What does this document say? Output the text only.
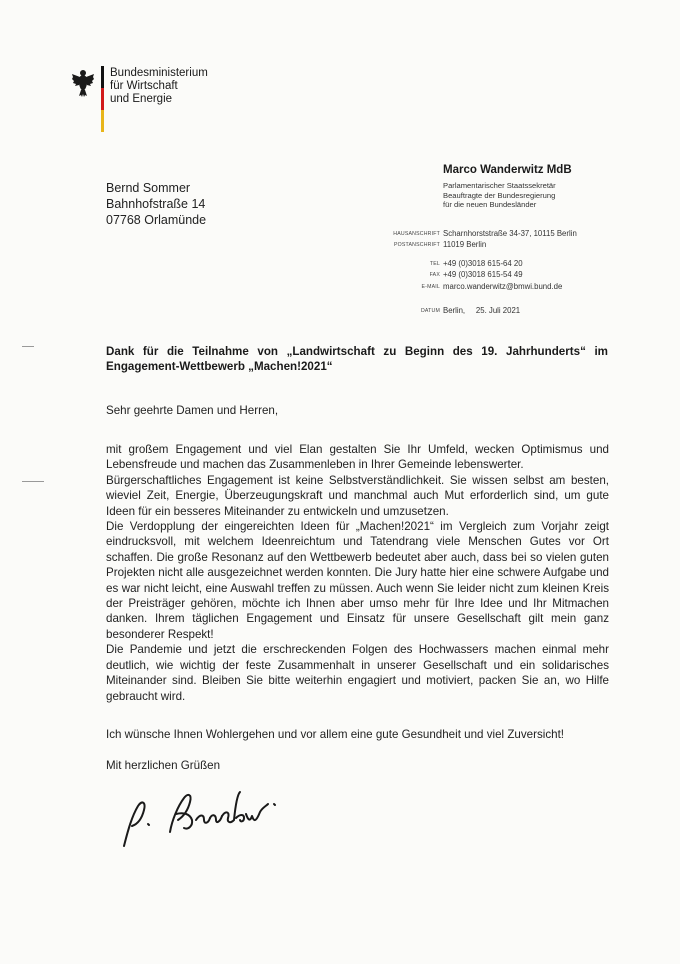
Bundesministerium
für Wirtschaft
und Energie
Bernd Sommer
Bahnhofstraße 14
07768 Orlamünde
Marco Wanderwitz MdB
Parlamentarischer Staatssekretär
Beauftragte der Bundesregierung
für die neuen Bundesländer
HAUSANSCHRIFT Scharnhorststraße 34-37, 10115 Berlin
POSTANSCHRIFT 11019 Berlin
TEL +49 (0)3018 615-64 20
FAX +49 (0)3018 615-54 49
E-MAIL marco.wanderwitz@bmwi.bund.de
DATUM Berlin,     25. Juli 2021
Dank für die Teilnahme von „Landwirtschaft zu Beginn des 19. Jahrhunderts“ im Engagement-Wettbewerb „Machen!2021“
Sehr geehrte Damen und Herren,

mit großem Engagement und viel Elan gestalten Sie Ihr Umfeld, wecken Optimismus und Lebensfreude und machen das Zusammenleben in Ihrer Gemeinde lebenswerter.

Bürgerschaftliches Engagement ist keine Selbstverständlichkeit. Sie wissen selbst am besten, wieviel Zeit, Energie, Überzeugungskraft und manchmal auch Mut erforderlich sind, um gute Ideen für ein besseres Miteinander zu entwickeln und umzusetzen.

Die Verdopplung der eingereichten Ideen für „Machen!2021“ im Vergleich zum Vorjahr zeigt eindrucksvoll, mit welchem Ideenreichtum und Tatendrang viele Menschen Gutes vor Ort schaffen. Die große Resonanz auf den Wettbewerb bedeutet aber auch, dass bei so vielen guten Projekten nicht alle ausgezeichnet werden konnten. Die Jury hatte hier eine schwere Aufgabe und es war nicht leicht, eine Auswahl treffen zu müssen. Auch wenn Sie leider nicht zum kleinen Kreis der Preisträger gehören, möchte ich Ihnen aber umso mehr für Ihre Idee und Ihr Mitmachen danken. Ihrem täglichen Engagement und Einsatz für unsere Gesellschaft gilt mein ganz besonderer Respekt!

Die Pandemie und jetzt die erschreckenden Folgen des Hochwassers machen einmal mehr deutlich, wie wichtig der feste Zusammenhalt in unserer Gesellschaft und ein solidarisches Miteinander sind. Bleiben Sie bitte weiterhin engagiert und motiviert, packen Sie an, wo Hilfe gebraucht wird.

Ich wünsche Ihnen Wohlergehen und vor allem eine gute Gesundheit und viel Zuversicht!
Mit herzlichen Grüßen
